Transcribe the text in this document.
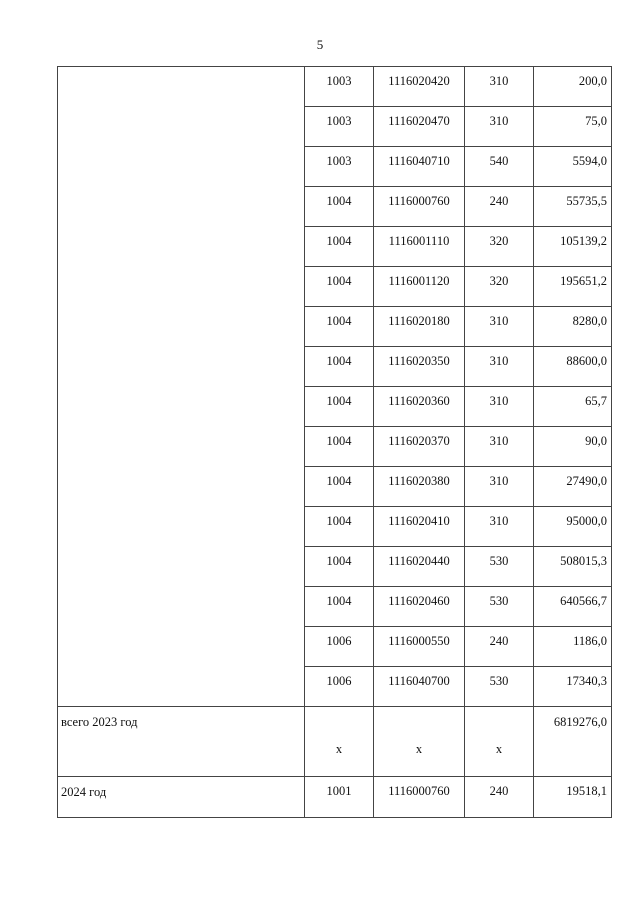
5
	1003	1116020420	310	200,0
	1003	1116020470	310	75,0
	1003	1116040710	540	5594,0
	1004	1116000760	240	55735,5
	1004	1116001110	320	105139,2
	1004	1116001120	320	195651,2
	1004	1116020180	310	8280,0
	1004	1116020350	310	88600,0
	1004	1116020360	310	65,7
	1004	1116020370	310	90,0
	1004	1116020380	310	27490,0
	1004	1116020410	310	95000,0
	1004	1116020440	530	508015,3
	1004	1116020460	530	640566,7
	1006	1116000550	240	1186,0
	1006	1116040700	530	17340,3
всего 2023 год	х	х	х	6819276,0
2024 год	1001	1116000760	240	19518,1
